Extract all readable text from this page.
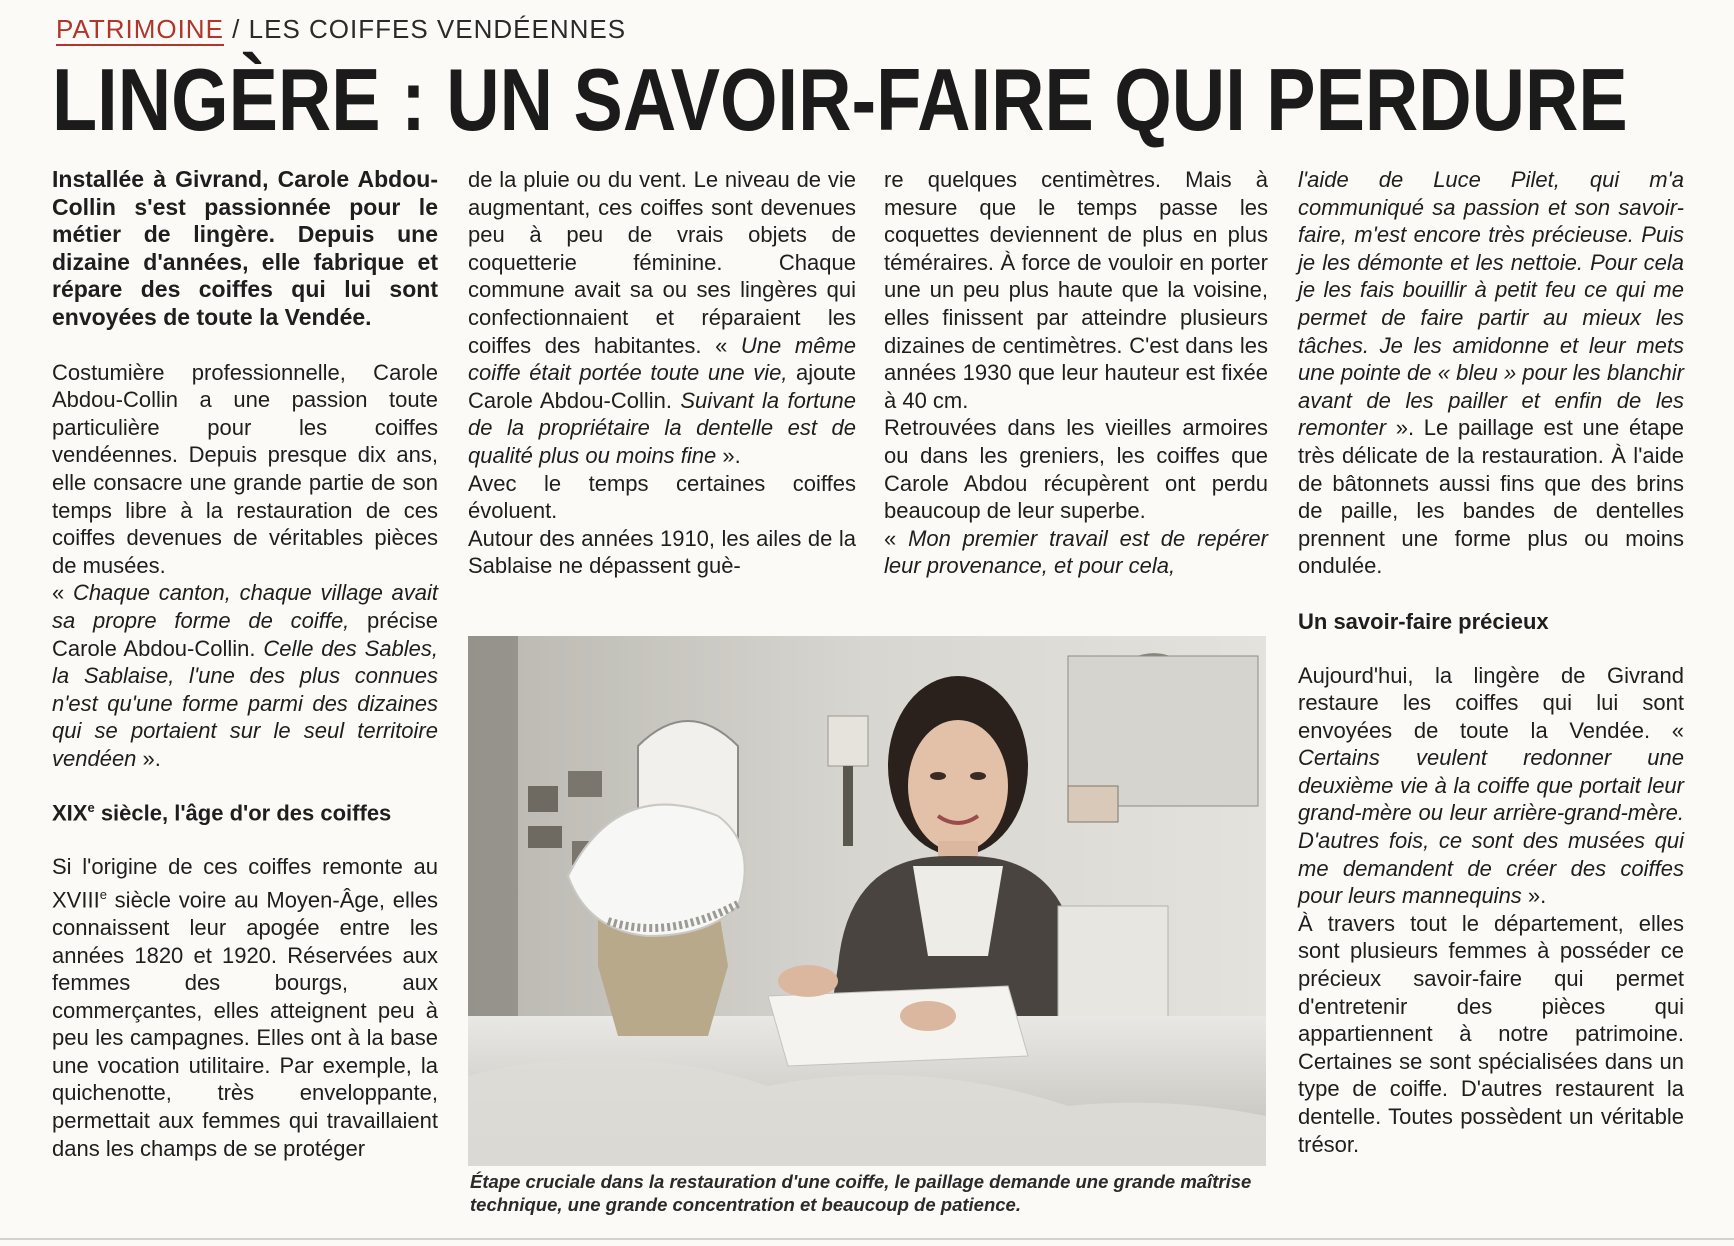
PATRIMOINE / LES COIFFES VENDÉENNES
LINGÈRE : UN SAVOIR-FAIRE QUI PERDURE

Installée à Givrand, Carole Abdou-Collin s'est passionnée pour le métier de lingère. Depuis une dizaine d'années, elle fabrique et répare des coiffes qui lui sont envoyées de toute la Vendée.

Costumière professionnelle, Carole Abdou-Collin a une passion toute particulière pour les coiffes vendéennes. Depuis presque dix ans, elle consacre une grande partie de son temps libre à la restauration de ces coiffes devenues de véritables pièces de musées.

« Chaque canton, chaque village avait sa propre forme de coiffe, précise Carole Abdou-Collin. Celle des Sables, la Sablaise, l'une des plus connues n'est qu'une forme parmi des dizaines qui se portaient sur le seul territoire vendéen ».

XIXe siècle, l'âge d'or des coiffes

Si l'origine de ces coiffes remonte au XVIIIe siècle voire au Moyen-Âge, elles connaissent leur apogée entre les années 1820 et 1920. Réservées aux femmes des bourgs, aux commerçantes, elles atteignent peu à peu les campagnes. Elles ont à la base une vocation utilitaire. Par exemple, la quichenotte, très enveloppante, permettait aux femmes qui travaillaient dans les champs de se protéger

de la pluie ou du vent. Le niveau de vie augmentant, ces coiffes sont devenues peu à peu de vrais objets de coquetterie féminine. Chaque commune avait sa ou ses lingères qui confectionnaient et réparaient les coiffes des habitantes. « Une même coiffe était portée toute une vie, ajoute Carole Abdou-Collin. Suivant la fortune de la propriétaire la dentelle est de qualité plus ou moins fine ».

Avec le temps certaines coiffes évoluent.

Autour des années 1910, les ailes de la Sablaise ne dépassent guè-

re quelques centimètres. Mais à mesure que le temps passe les coquettes deviennent de plus en plus téméraires. À force de vouloir en porter une un peu plus haute que la voisine, elles finissent par atteindre plusieurs dizaines de centimètres. C'est dans les années 1930 que leur hauteur est fixée à 40 cm.

Retrouvées dans les vieilles armoires ou dans les greniers, les coiffes que Carole Abdou récupèrent ont perdu beaucoup de leur superbe.

« Mon premier travail est de repérer leur provenance, et pour cela,

l'aide de Luce Pilet, qui m'a communiqué sa passion et son savoir-faire, m'est encore très précieuse. Puis je les démonte et les nettoie. Pour cela je les fais bouillir à petit feu ce qui me permet de faire partir au mieux les tâches. Je les amidonne et leur mets une pointe de « bleu » pour les blanchir avant de les pailler et enfin de les remonter ». Le paillage est une étape très délicate de la restauration. À l'aide de bâtonnets aussi fins que des brins de paille, les bandes de dentelles prennent une forme plus ou moins ondulée.

Un savoir-faire précieux

Aujourd'hui, la lingère de Givrand restaure les coiffes qui lui sont envoyées de toute la Vendée. « Certains veulent redonner une deuxième vie à la coiffe que portait leur grand-mère ou leur arrière-grand-mère. D'autres fois, ce sont des musées qui me demandent de créer des coiffes pour leurs mannequins ».

À travers tout le département, elles sont plusieurs femmes à posséder ce précieux savoir-faire qui permet d'entretenir des pièces qui appartiennent à notre patrimoine. Certaines se sont spécialisées dans un type de coiffe. D'autres restaurent la dentelle. Toutes possèdent un véritable trésor.

Étape cruciale dans la restauration d'une coiffe, le paillage demande une grande maîtrise technique, une grande concentration et beaucoup de patience.
